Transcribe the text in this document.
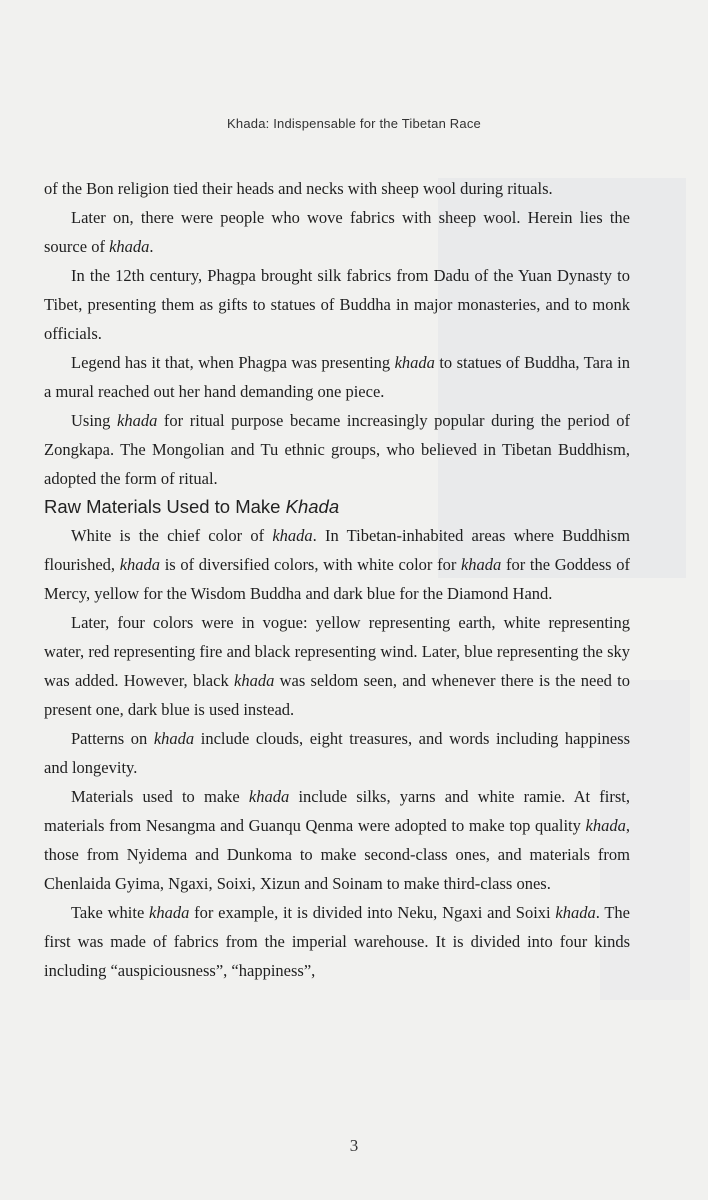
Khada: Indispensable for the Tibetan Race

of the Bon religion tied their heads and necks with sheep wool during rituals.

Later on, there were people who wove fabrics with sheep wool. Herein lies the source of khada.

In the 12th century, Phagpa brought silk fabrics from Dadu of the Yuan Dynasty to Tibet, presenting them as gifts to statues of Buddha in major monasteries, and to monk officials.

Legend has it that, when Phagpa was presenting khada to statues of Buddha, Tara in a mural reached out her hand demanding one piece.

Using khada for ritual purpose became increasingly popular during the period of Zongkapa. The Mongolian and Tu ethnic groups, who believed in Tibetan Buddhism, adopted the form of ritual.

Raw Materials Used to Make Khada

White is the chief color of khada. In Tibetan-inhabited areas where Buddhism flourished, khada is of diversified colors, with white color for khada for the Goddess of Mercy, yellow for the Wisdom Buddha and dark blue for the Diamond Hand.

Later, four colors were in vogue: yellow representing earth, white representing water, red representing fire and black representing wind. Later, blue representing the sky was added. However, black khada was seldom seen, and whenever there is the need to present one, dark blue is used instead.

Patterns on khada include clouds, eight treasures, and words including happiness and longevity.

Materials used to make khada include silks, yarns and white ramie. At first, materials from Nesangma and Guanqu Qenma were adopted to make top quality khada, those from Nyidema and Dunkoma to make second-class ones, and materials from Chenlaida Gyima, Ngaxi, Soixi, Xizun and Soinam to make third-class ones.

Take white khada for example, it is divided into Neku, Ngaxi and Soixi khada. The first was made of fabrics from the imperial warehouse. It is divided into four kinds including “auspiciousness”, “happiness”,

3
